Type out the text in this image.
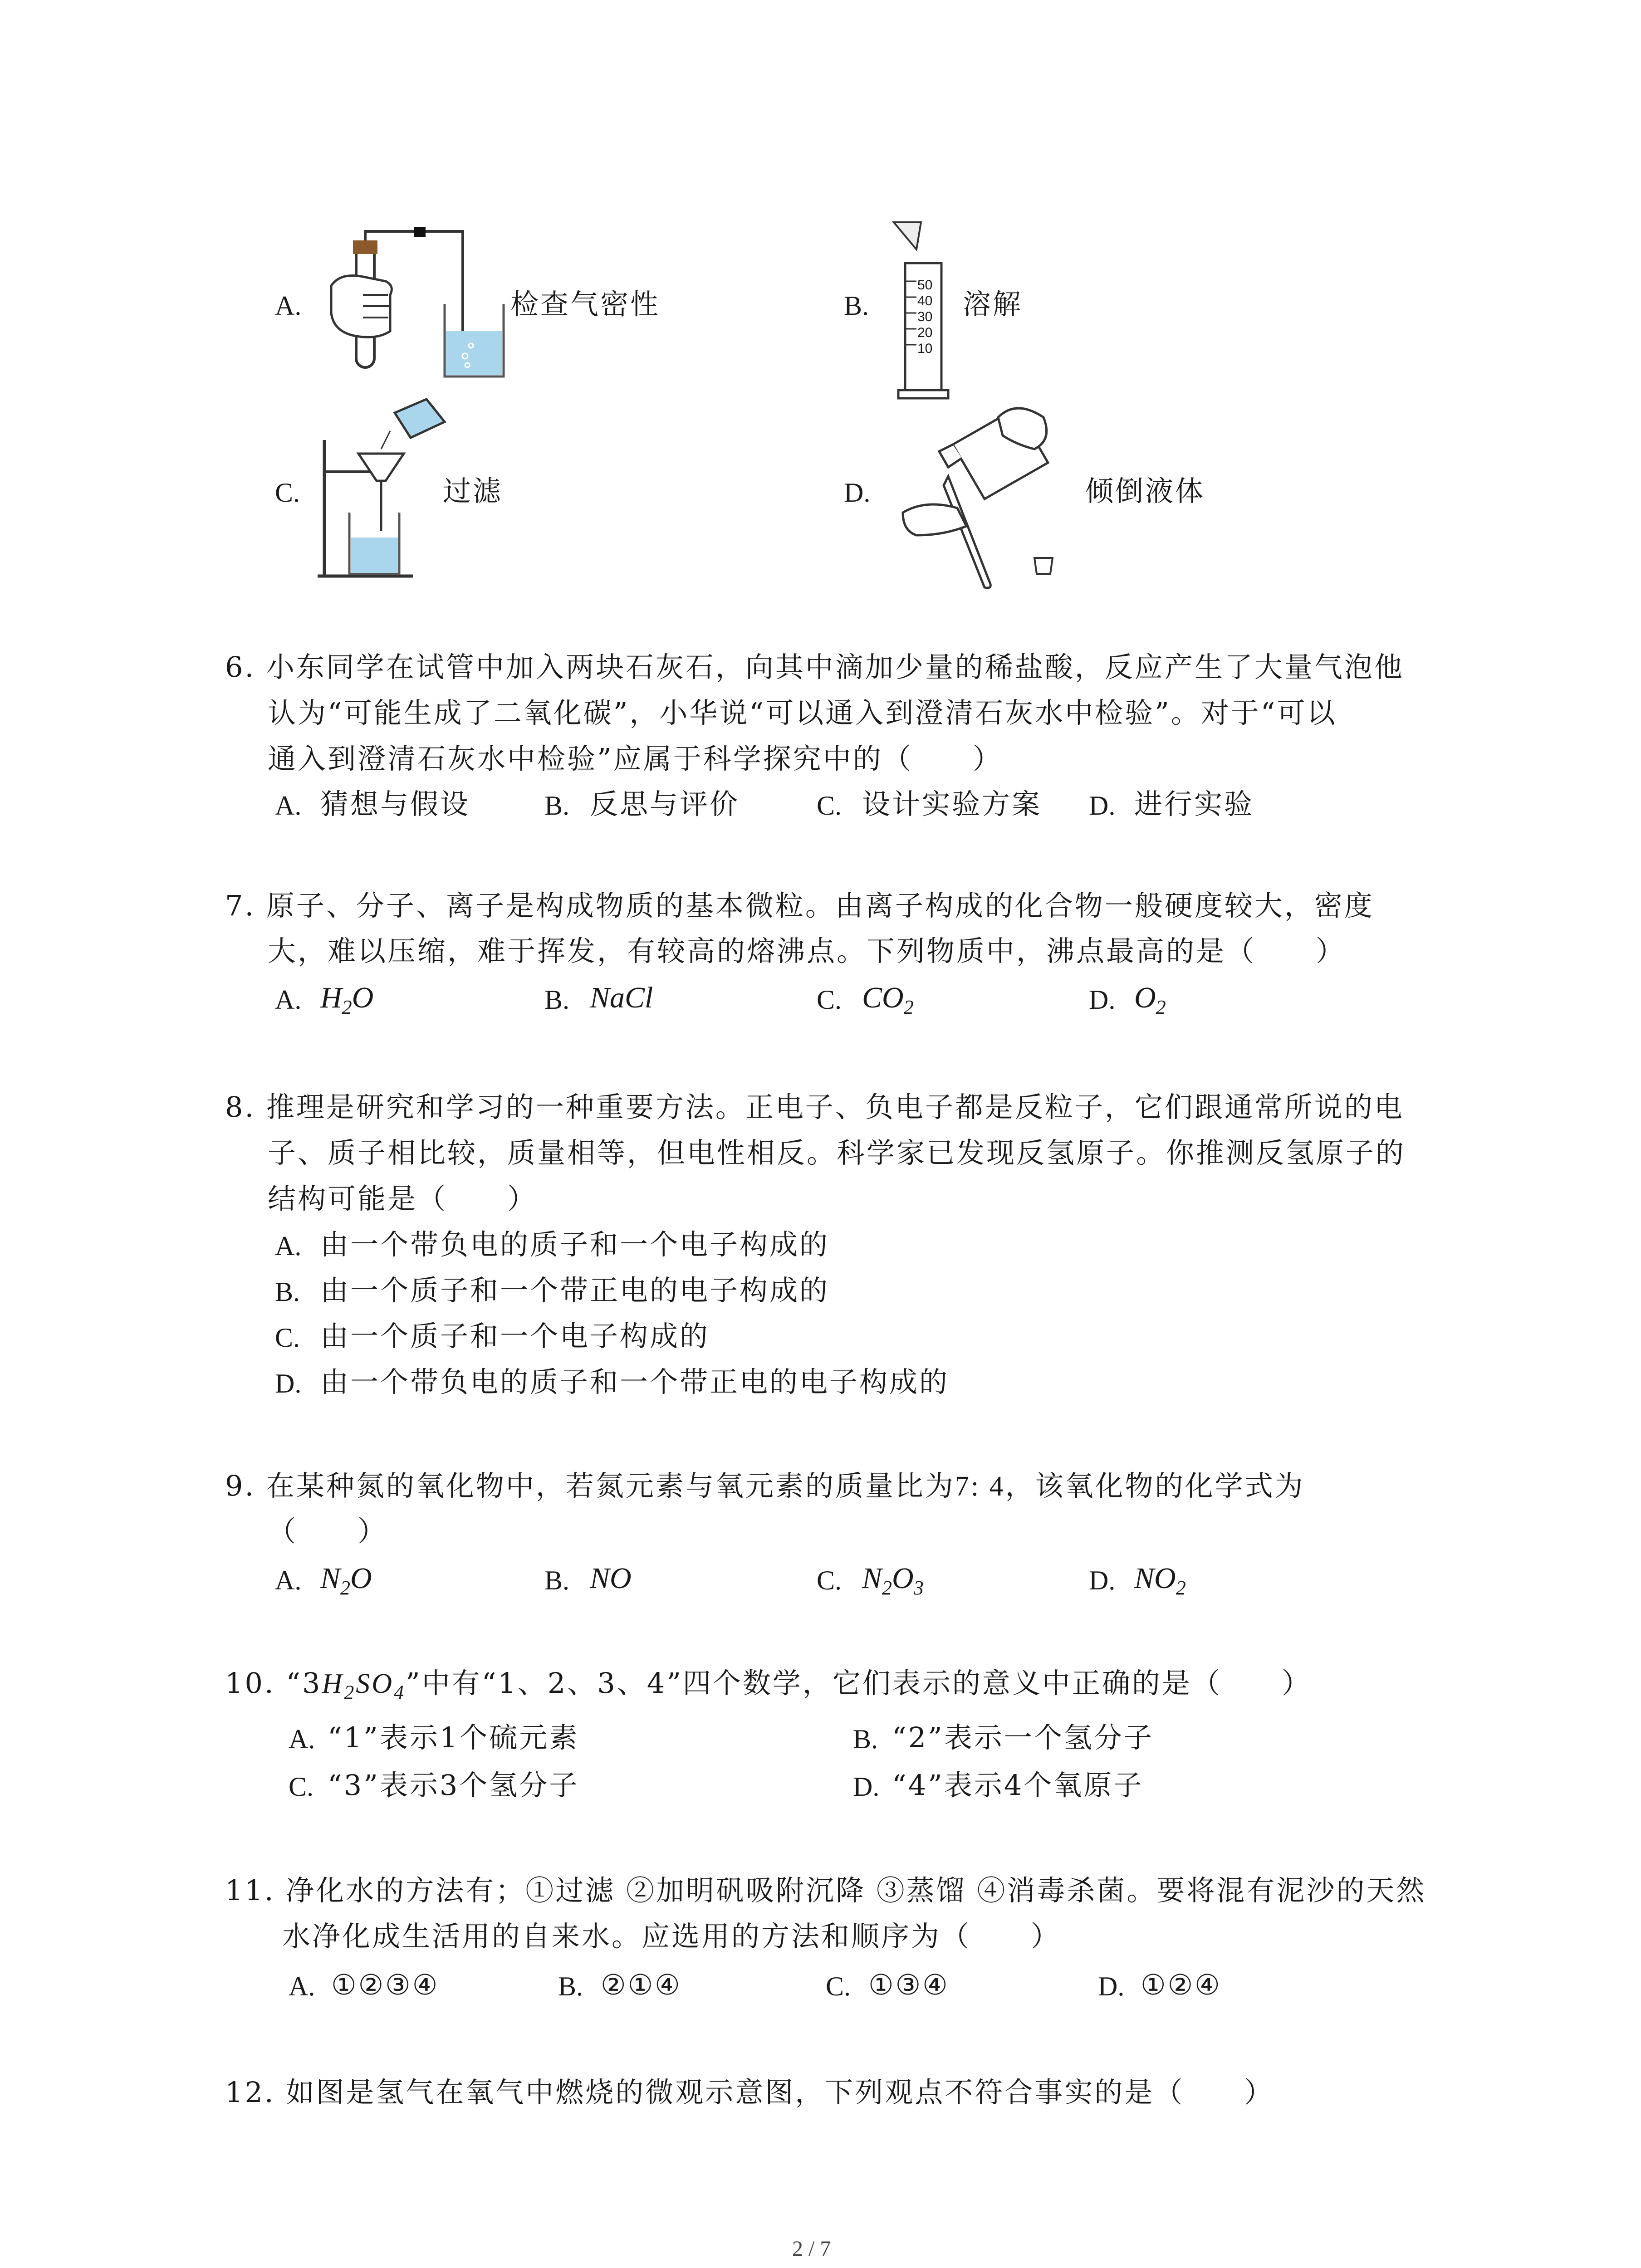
A.	检查气密性	B.
50
40
30
20
10
溶解
C.	过滤	D.	倾倒液体
6. 小东同学在试管中加入两块石灰石，向其中滴加少量的稀盐酸，反应产生了大量气泡他
认为“可能生成了二氧化碳”，小华说“可以通入到澄清石灰水中检验”。对于“可以
通入到澄清石灰水中检验”应属于科学探究中的（　　）
A. 猜想与假设	B. 反思与评价	C. 设计实验方案 D. 进行实验
7. 原子、分子、离子是构成物质的基本微粒。由离子构成的化合物一般硬度较大，密度
大，难以压缩，难于挥发，有较高的熔沸点。下列物质中，沸点最高的是（　　）
A. $H_2O$	B. NaCl	C. $CO_2$	D. $O_2$
8. 推理是研究和学习的一种重要方法。正电子、负电子都是反粒子，它们跟通常所说的电
子、质子相比较，质量相等，但电性相反。科学家已发现反氢原子。你推测反氢原子的
结构可能是（　　）
A. 由一个带负电的质子和一个电子构成的
B. 由一个质子和一个带正电的电子构成的
C. 由一个质子和一个电子构成的
D. 由一个带负电的质子和一个带正电的电子构成的
9. 在某种氮的氧化物中，若氮元素与氧元素的质量比为7: 4，该氧化物的化学式为
（　　）
A. $N_2O$	B. NO	C. $N_2O_3$	D. $NO_2$
10. “$3H_2SO_4$”中有“1、2、3、4”四个数学，它们表示的意义中正确的是（　　）
A. “1”表示1个硫元素	B. “2”表示一个氢分子
C. “3”表示3个氢分子	D. “4”表示4个氧原子
11. 净化水的方法有；①过滤 ②加明矾吸附沉降 ③蒸馏 ④消毒杀菌。要将混有泥沙的天然
水净化成生活用的自来水。应选用的方法和顺序为（　　）
A. ①②③④	B. ②①④	C. ①③④	D. ①②④
12. 如图是氢气在氧气中燃烧的微观示意图，下列观点不符合事实的是（　　）
2 / 7
